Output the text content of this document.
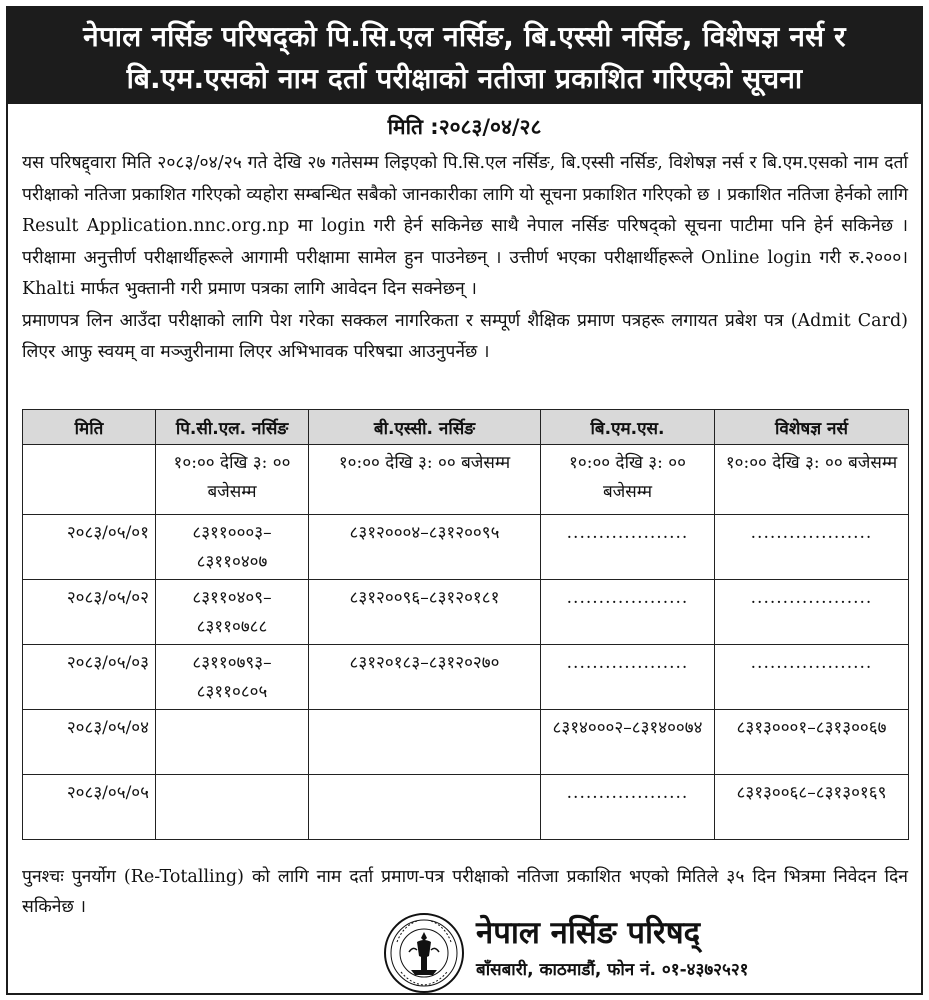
नेपाल नर्सिङ परिषद्को पि.सि.एल नर्सिङ, बि.एस्सी नर्सिङ, विशेषज्ञ नर्स र
बि.एम.एसको नाम दर्ता परीक्षाको नतीजा प्रकाशित गरिएको सूचना
मिति :२०८३/०४/२८

यस परिषद्द्वारा मिति २०८३/०४/२५ गते देखि २७ गतेसम्म लिइएको पि.सि.एल नर्सिङ, बि.एस्सी नर्सिङ, विशेषज्ञ नर्स र बि.एम.एसको नाम दर्ता परीक्षाको नतिजा प्रकाशित गरिएको व्यहोरा सम्बन्धित सबैको जानकारीका लागि यो सूचना प्रकाशित गरिएको छ । प्रकाशित नतिजा हेर्नको लागि Result Application.nnc.org.np मा login गरी हेर्न सकिनेछ साथै नेपाल नर्सिङ परिषद्को सूचना पाटीमा पनि हेर्न सकिनेछ । परीक्षामा अनुत्तीर्ण परीक्षार्थीहरूले आगामी परीक्षामा सामेल हुन पाउनेछन् । उत्तीर्ण भएका परीक्षार्थीहरूले Online login गरी रु.२०००। Khalti मार्फत भुक्तानी गरी प्रमाण पत्रका लागि आवेदन दिन सक्नेछन् ।

प्रमाणपत्र लिन आउँदा परीक्षाको लागि पेश गरेका सक्कल नागरिकता र सम्पूर्ण शैक्षिक प्रमाण पत्रहरू लगायत प्रबेश पत्र (Admit Card) लिएर आफु स्वयम् वा मञ्जुरीनामा लिएर अभिभावक परिषद्मा आउनुपर्नेछ ।

मिति	पि.सी.एल. नर्सिङ	बी.एस्सी. नर्सिङ	बि.एम.एस.	विशेषज्ञ नर्स
	१०:०० देखि ३: ०० बजेसम्म	१०:०० देखि ३: ०० बजेसम्म	१०:०० देखि ३: ०० बजेसम्म	१०:०० देखि ३: ०० बजेसम्म
२०८३/०५/०१	८३११०००३–८३११०४०७	८३१२०००४–८३१२००९५	...................	...................
२०८३/०५/०२	८३११०४०९–८३११०७८८	८३१२००९६–८३१२०१८१	...................	...................
२०८३/०५/०३	८३११०७९३–८३११०८०५	८३१२०१८३–८३१२०२७०	...................	...................
२०८३/०५/०४			८३१४०००२–८३१४००७४	८३१३०००१–८३१३००६७
२०८३/०५/०५			...................	८३१३००६८–८३१३०१६९
पुनश्चः पुनर्योग (Re-Totalling) को लागि नाम दर्ता प्रमाण-पत्र परीक्षाको नतिजा प्रकाशित भएको मितिले ३५ दिन भित्रमा निवेदन दिन सकिनेछ ।
नेपाल नर्सिङ परिषद्
बाँसबारी, काठमाडौं, फोन नं. ०१-४३७२५२१
